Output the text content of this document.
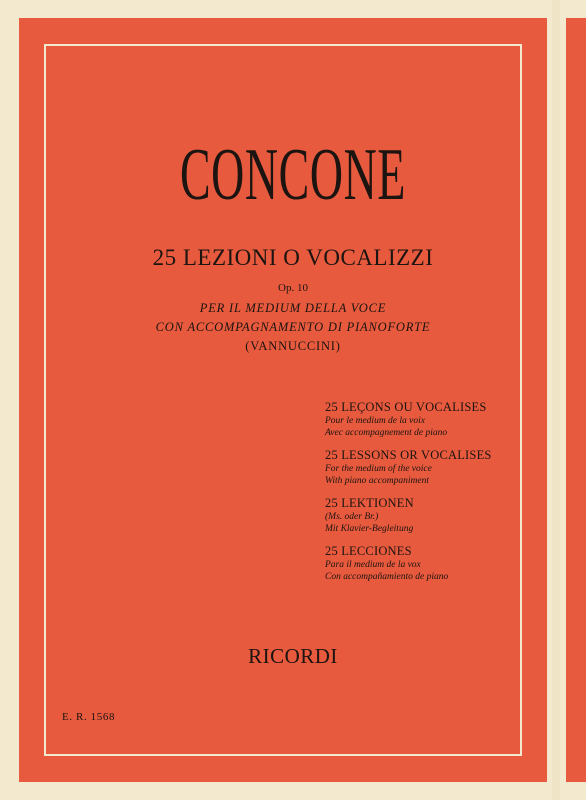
CONCONE
25 LEZIONI O VOCALIZZI
Op. 10
PER IL MEDIUM DELLA VOCE
CON ACCOMPAGNAMENTO DI PIANOFORTE
(VANNUCCINI)
25 LEÇONS OU VOCALISES
Pour le medium de la voix
Avec accompagnement de piano
25 LESSONS OR VOCALISES
For the medium of the voice
With piano accompaniment
25 LEKTIONEN
(Ms. oder Br.)
Mit Klavier-Begleitung
25 LECCIONES
Para il medium de la vox
Con accompañamiento de piano
RICORDI
E. R. 1568
